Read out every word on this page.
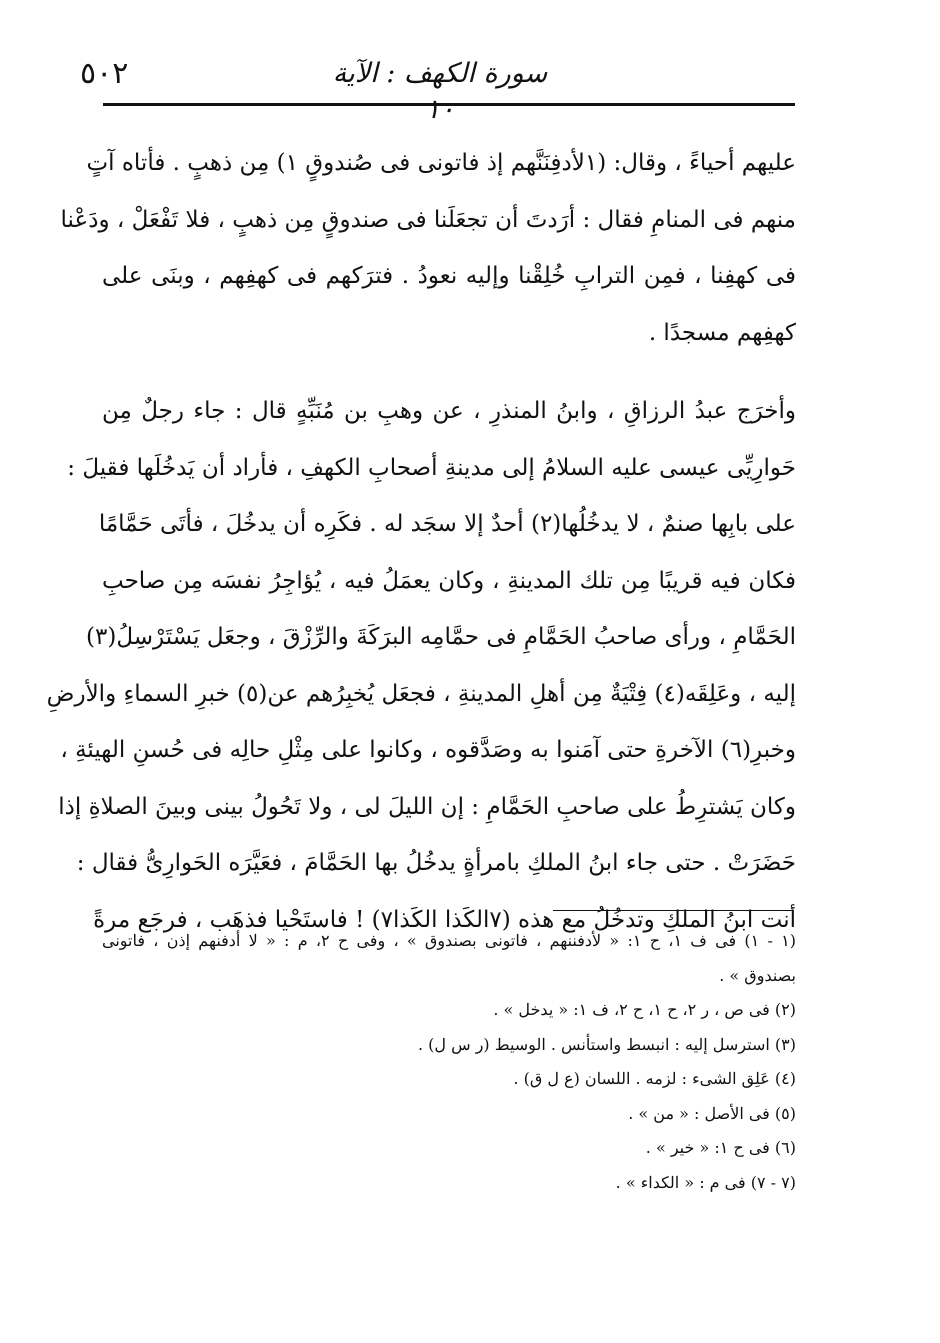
٥٠٢	سورة الكهف : الآية ١٠
عليهم أحياءً ، وقال: (١لأدفِنَنَّهم إذ فاتونى فى صُندوقٍ ١) مِن ذهبٍ . فأتاه آتٍ
منهم فى المنامِ فقال : أرَدتَ أن تجعَلَنا فى صندوقٍ مِن ذهبٍ ، فلا تَفْعَلْ ، ودَعْنا
فى كهفِنا ، فمِن الترابِ خُلِقْنا وإليه نعودُ . فترَكهم فى كهفِهم ، وبنَى على
كهفِهم مسجدًا .
وأخرَج عبدُ الرزاقِ ، وابنُ المنذرِ ، عن وهبِ بن مُنَبِّهٍ قال : جاء رجلٌ مِن
حَوارِيِّى عيسى عليه السلامُ إلى مدينةِ أصحابِ الكهفِ ، فأراد أن يَدخُلَها فقيلَ :
على بابِها صنمٌ ، لا يدخُلُها(٢) أحدٌ إلا سجَد له . فكَرِه أن يدخُلَ ، فأتَى حَمَّامًا
فكان فيه قريبًا مِن تلك المدينةِ ، وكان يعمَلُ فيه ، يُؤاجِرُ نفسَه مِن صاحبِ
الحَمَّامِ ، ورأى صاحبُ الحَمَّامِ فى حمَّامِه البرَكَةَ والرِّزْقَ ، وجعَل يَسْتَرْسِلُ(٣)
إليه ، وعَلِقَه(٤) فِتْيَةٌ مِن أهلِ المدينةِ ، فجعَل يُخبِرُهم عن(٥) خبرِ السماءِ والأرضِ
وخبرِ(٦) الآخرةِ حتى آمَنوا به وصَدَّقوه ، وكانوا على مِثْلِ حالِه فى حُسنِ الهيئةِ ،
وكان يَشترِطُ على صاحبِ الحَمَّامِ : إن الليلَ لى ، ولا تَحُولُ بينى وبينَ الصلاةِ إذا
حَضَرَتْ . حتى جاء ابنُ الملكِ بامرأةٍ يدخُلُ بها الحَمَّامَ ، فعَيَّرَه الحَوارِىُّ فقال :
أنت ابنُ الملكِ وتدخُلُ مع هذه (٧الكَذا الكَذا٧) ! فاستَحْيا فذهَب ، فرجَع مرةً
(١ - ١) فى ف ١، ح ١: « لأدفننهم ، فاتونى بصندوق » ، وفى ح ٢، م : « لا أدفنهم إذن ، فاتونى
بصندوق » .
(٢) فى ص ، ر ٢، ح ١، ح ٢، ف ١: « يدخل » .
(٣) استرسل إليه : انبسط واستأنس . الوسيط (ر س ل) .
(٤) عَلِق الشىء : لزمه . اللسان (ع ل ق) .
(٥) فى الأصل : « من » .
(٦) فى ح ١: « خير » .
(٧ - ٧) فى م : « الكداء » .
